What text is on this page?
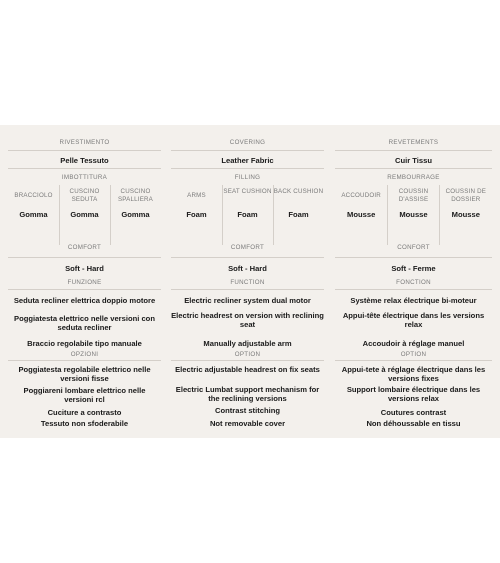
RIVESTIMENTO
Pelle Tessuto
IMBOTTITURA
BRACCIOLO
Gomma
CUSCINO SEDUTA
Gomma
CUSCINO SPALLIERA
Gomma
COMFORT
Soft - Hard
FUNZIONE
Seduta recliner elettrica doppio motore
Poggiatesta elettrico nelle versioni con seduta recliner
Braccio regolabile tipo manuale
OPZIONI
Poggiatesta regolabile elettrico nelle versioni fisse
Poggiareni lombare elettrico nelle versioni rcl
Cuciture a contrasto
Tessuto non sfoderabile
COVERING
Leather Fabric
FILLING
ARMS
Foam
SEAT CUSHION
Foam
BACK CUSHION
Foam
COMFORT
Soft - Hard
FUNCTION
Electric recliner system dual motor
Electric headrest on version with reclining seat
Manually adjustable arm
OPTION
Electric adjustable headrest on fix seats
Electric Lumbat support mechanism for the reclining versions
Contrast stitching
Not removable cover
REVETEMENTS
Cuir Tissu
REMBOURRAGE
ACCOUDOIR
Mousse
COUSSIN D'ASSISE
Mousse
COUSSIN DE DOSSIER
Mousse
CONFORT
Soft - Ferme
FONCTION
Système relax électrique bi-moteur
Appui-tête électrique dans les versions relax
Accoudoir à réglage manuel
OPTION
Appui-tete à réglage électrique dans les versions fixes
Support lombaire électrique dans les versions relax
Coutures contrast
Non déhoussable en tissu
